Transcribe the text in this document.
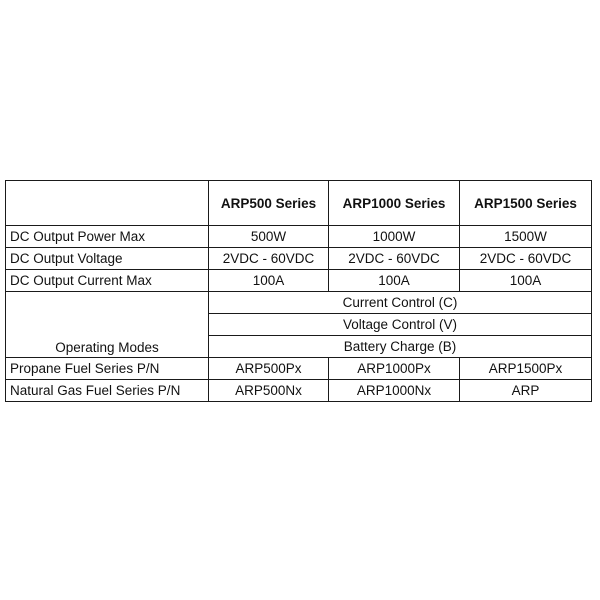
	ARP500 Series	ARP1000 Series	ARP1500 Series
DC Output Power Max	500W	1000W	1500W
DC Output Voltage	2VDC - 60VDC	2VDC - 60VDC	2VDC - 60VDC
DC Output Current Max	100A	100A	100A
Operating Modes	Current Control (C)		
	Voltage Control (V)		
	Battery Charge (B)		
Propane Fuel Series P/N	ARP500Px	ARP1000Px	ARP1500Px
Natural Gas Fuel Series P/N	ARP500Nx	ARP1000Nx	ARP
